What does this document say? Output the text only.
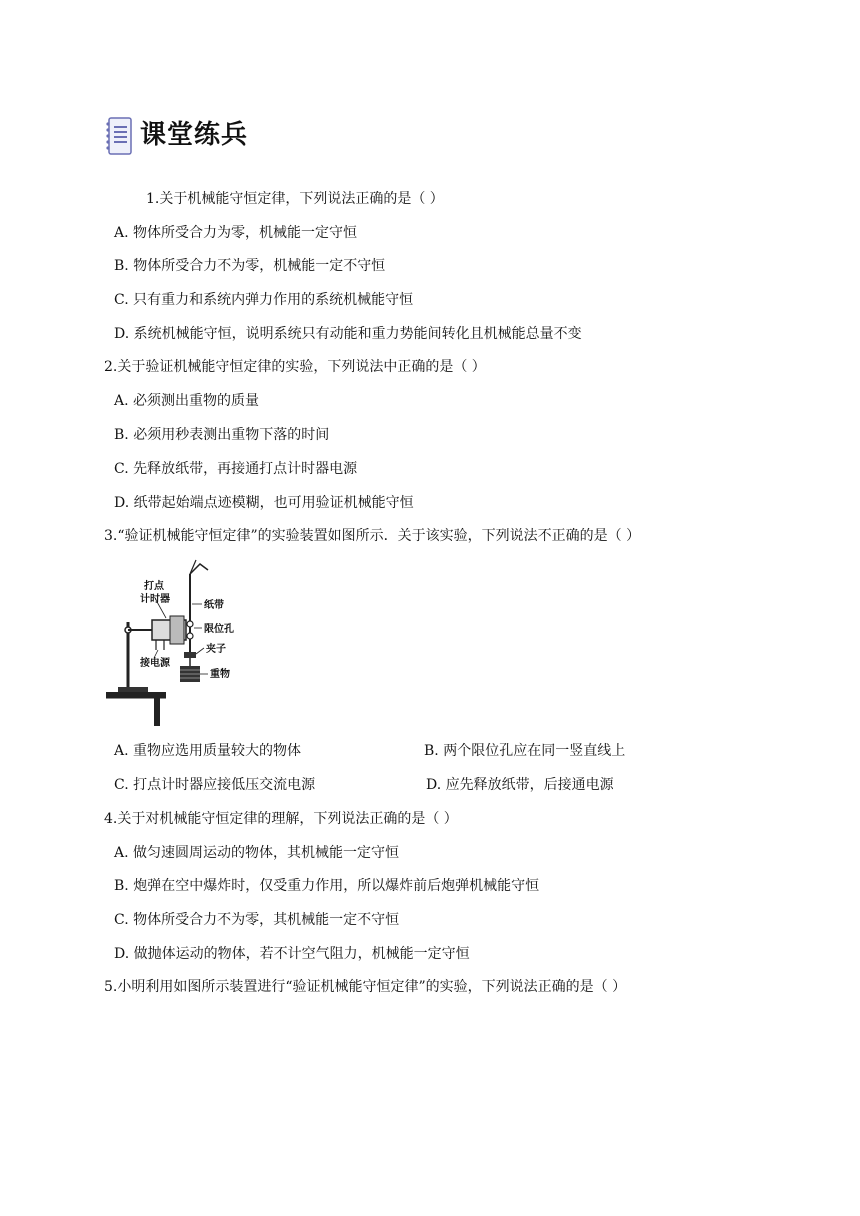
课堂练兵
1.关于机械能守恒定律，下列说法正确的是（ ）
A. 物体所受合力为零，机械能一定守恒
B. 物体所受合力不为零，机械能一定不守恒
C. 只有重力和系统内弹力作用的系统机械能守恒
D. 系统机械能守恒，说明系统只有动能和重力势能间转化且机械能总量不变
2.关于验证机械能守恒定律的实验，下列说法中正确的是（ ）
A. 必须测出重物的质量
B. 必须用秒表测出重物下落的时间
C. 先释放纸带，再接通打点计时器电源
D. 纸带起始端点迹模糊，也可用验证机械能守恒
3.“验证机械能守恒定律”的实验装置如图所示．关于该实验，下列说法不正确的是（ ）
打点
计时器
纸带
限位孔
夹子
接电源
重物
A. 重物应选用质量较大的物体	B. 两个限位孔应在同一竖直线上
C. 打点计时器应接低压交流电源	D. 应先释放纸带，后接通电源
4.关于对机械能守恒定律的理解，下列说法正确的是（ ）
A. 做匀速圆周运动的物体，其机械能一定守恒
B. 炮弹在空中爆炸时，仅受重力作用，所以爆炸前后炮弹机械能守恒
C. 物体所受合力不为零，其机械能一定不守恒
D. 做抛体运动的物体，若不计空气阻力，机械能一定守恒
5.小明利用如图所示装置进行“验证机械能守恒定律”的实验，下列说法正确的是（ ）
